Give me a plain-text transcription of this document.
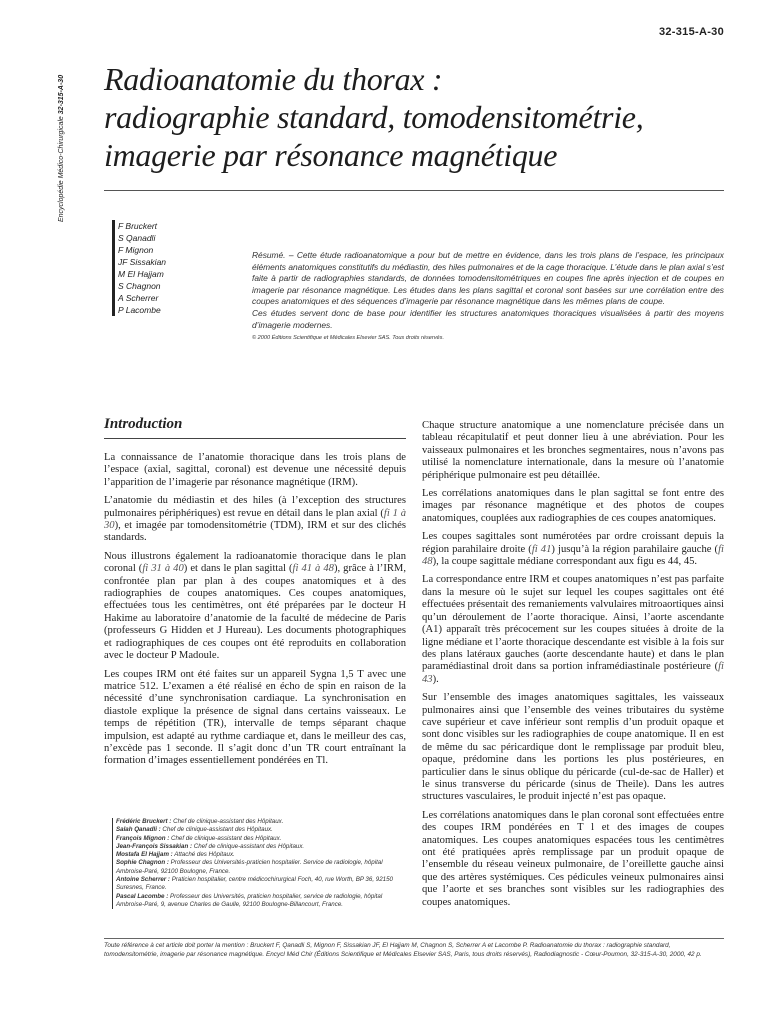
32-315-A-30
Encyclopédie Médico-Chirurgicale 32-315-A-30 Radioanatomie du thorax :
radiographie standard, tomodensitométrie,
imagerie par résonance magnétique
F Bruckert
S Qanadli
F Mignon
JF Sissakian
M El Hajjam
S Chagnon
A Scherrer
P Lacombe

Résumé. – Cette étude radioanatomique a pour but de mettre en évidence, dans les trois plans de l’espace, les principaux éléments anatomiques constitutifs du médiastin, des hiles pulmonaires et de la cage thoracique. L’étude dans le plan axial s’est faite à partir de radiographies standards, de données tomodensitométriques en coupes fine après injection et de coupes en imagerie par résonance magnétique. Les études dans les plans sagittal et coronal sont basées sur une corrélation entre des coupes anatomiques et des séquences d’imagerie par résonance magnétique dans les mêmes plans de coupe.

Ces études servent donc de base pour identifier les structures anatomiques thoraciques visualisées à partir des moyens d’imagerie modernes.

© 2000 Éditions Scientifique et Médicales Elsevier SAS. Tous droits réservés.

Introduction

La connaissance de l’anatomie thoracique dans les trois plans de l’espace (axial, sagittal, coronal) est devenue une nécessité depuis l’apparition de l’imagerie par résonance magnétique (IRM).

L’anatomie du médiastin et des hiles (à l’exception des structures pulmonaires périphériques) est revue en détail dans le plan axial (fi 1 à 30), et imagée par tomodensitométrie (TDM), IRM et sur des clichés standards.

Nous illustrons également la radioanatomie thoracique dans le plan coronal (fi 31 à 40) et dans le plan sagittal (fi 41 à 48), grâce à l’IRM, confrontée plan par plan à des coupes anatomiques et à des radiographies de coupes anatomiques. Ces coupes anatomiques, effectuées tous les centimètres, ont été préparées par le docteur H Hakime au laboratoire d’anatomie de la faculté de médecine de Paris (professeurs G Hidden et J Hureau). Les documents photographiques et radiographiques de ces coupes ont été reproduits en collaboration avec le docteur P Madoule.

Les coupes IRM ont été faites sur un appareil Sygna 1,5 T avec une matrice 512. L’examen a été réalisé en écho de spin en raison de la nécessité d’une synchronisation cardiaque. La synchronisation en diastole explique la présence de signal dans certains vaisseaux. Le temps de répétition (TR), intervalle de temps séparant chaque impulsion, est adapté au rythme cardiaque et, dans le meilleur des cas, n’excède pas 1 seconde. Il s’agit donc d’un TR court entraînant la formation d’images essentiellement pondérées en Tl.

Chaque structure anatomique a une nomenclature précisée dans un tableau récapitulatif et peut donner lieu à une abréviation. Pour les vaisseaux pulmonaires et les bronches segmentaires, nous n’avons pas utilisé la nomenclature internationale, dans la mesure où l’anatomie périphérique pulmonaire est peu détaillée.

Les corrélations anatomiques dans le plan sagittal se font entre des images par résonance magnétique et des photos de coupes anatomiques, couplées aux radiographies de ces coupes anatomiques.

Les coupes sagittales sont numérotées par ordre croissant depuis la région parahilaire droite (fi 41) jusqu’à la région parahilaire gauche (fi 48), la coupe sagittale médiane correspondant aux figu es 44, 45.

La correspondance entre IRM et coupes anatomiques n’est pas parfaite dans la mesure où le sujet sur lequel les coupes sagittales ont été effectuées présentait des remaniements valvulaires mitroaortiques ainsi qu’un déroulement de l’aorte thoracique. Ainsi, l’aorte ascendante (A1) apparaît très précocement sur les coupes situées à droite de la ligne médiane et l’aorte thoracique descendante est visible à la fois sur des plans latéraux gauches (aorte descendante haute) et dans le plan paramédiastinal droit dans sa portion inframédiastinale postérieure (fi 43).

Sur l’ensemble des images anatomiques sagittales, les vaisseaux pulmonaires ainsi que l’ensemble des veines tributaires du système cave supérieur et cave inférieur sont remplis d’un produit opaque et sont donc visibles sur les radiographies de coupe anatomique. Il en est de même du sac péricardique dont le remplissage par produit bleu, opaque, prédomine dans les portions les plus postérieures, en particulier dans le sinus oblique du péricarde (cul-de-sac de Haller) et le sinus transverse du péricarde (sinus de Theile). Dans les autres structures vasculaires, le produit injecté n’est pas opaque.

Les corrélations anatomiques dans le plan coronal sont effectuées entre des coupes IRM pondérées en T l et des images de coupes anatomiques. Les coupes anatomiques espacées tous les centimètres ont été pratiquées après remplissage par un produit opaque de l’ensemble du réseau veineux pulmonaire, de l’oreillette gauche ainsi que des artères systémiques. Ces pédicules veineux pulmonaires ainsi que l’aorte et ses branches sont visibles sur les radiographies des coupes anatomiques.

Frédéric Bruckert : Chef de clinique-assistant des Hôpitaux.
Salah Qanadli : Chef de clinique-assistant des Hôpitaux.
François Mignon : Chef de clinique-assistant des Hôpitaux.
Jean-François Sissakian : Chef de clinique-assistant des Hôpitaux.
Mostafa El Hajjam : Attaché des Hôpitaux.
Sophie Chagnon : Professeur des Universités-praticien hospitalier. Service de radiologie, hôpital Ambroise-Paré, 92100 Boulogne, France.
Antoine Scherrer : Praticien hospitalier, centre médicochirurgical Foch, 40, rue Worth, BP 36, 92150 Suresnes, France.
Pascal Lacombe : Professeur des Universités, praticien hospitalier, service de radiologie, hôpital Ambroise-Paré, 9, avenue Charles de Gaulle, 92100 Boulogne-Billancourt, France.
Toute référence à cet article doit porter la mention : Bruckert F, Qanadli S, Mignon F, Sissakian JF, El Hajjam M, Chagnon S, Scherrer A et Lacombe P. Radioanatomie du thorax : radiographie standard, tomodensitométrie, imagerie par résonance magnétique. Encycl Méd Chir (Éditions Scientifique et Médicales Elsevier SAS, Paris, tous droits réservés), Radiodiagnostic - Cœur-Poumon, 32-315-A-30, 2000, 42 p.
